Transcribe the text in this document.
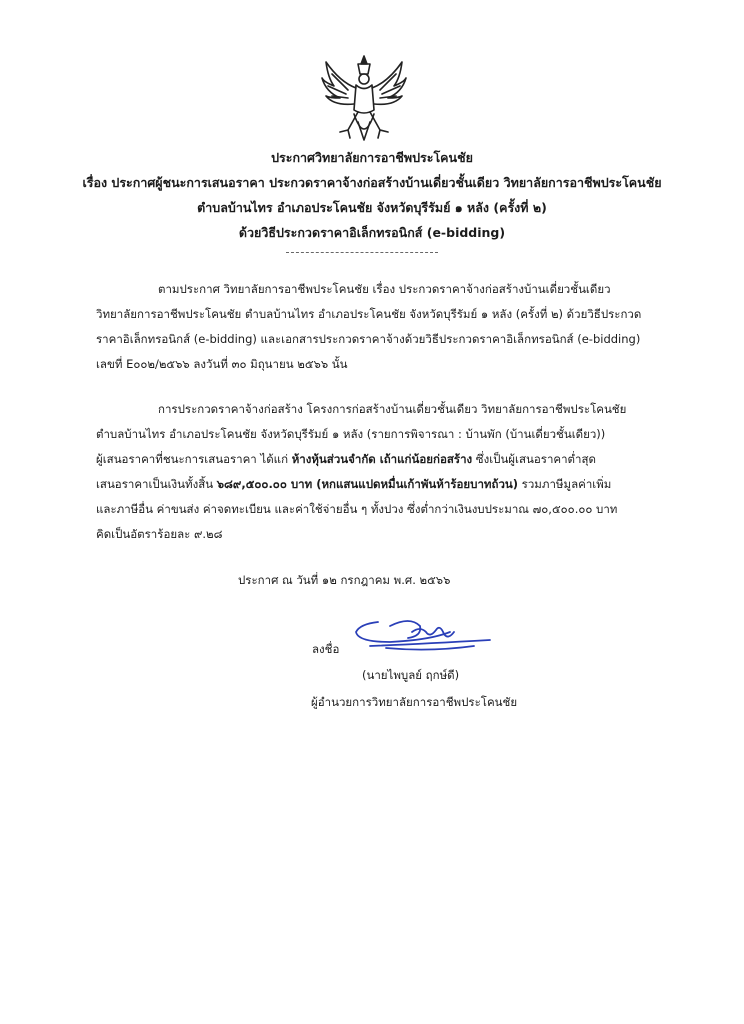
ประกาศวิทยาลัยการอาชีพประโคนชัย
เรื่อง ประกาศผู้ชนะการเสนอราคา ประกวดราคาจ้างก่อสร้างบ้านเดี่ยวชั้นเดียว วิทยาลัยการอาชีพประโคนชัย
ตำบลบ้านไทร อำเภอประโคนชัย จังหวัดบุรีรัมย์ ๑ หลัง (ครั้งที่ ๒)
ด้วยวิธีประกวดราคาอิเล็กทรอนิกส์ (e-bidding)
ตามประกาศ วิทยาลัยการอาชีพประโคนชัย เรื่อง ประกวดราคาจ้างก่อสร้างบ้านเดี่ยวชั้นเดียว
วิทยาลัยการอาชีพประโคนชัย ตำบลบ้านไทร อำเภอประโคนชัย จังหวัดบุรีรัมย์ ๑ หลัง (ครั้งที่ ๒) ด้วยวิธีประกวด
ราคาอิเล็กทรอนิกส์ (e-bidding) และเอกสารประกวดราคาจ้างด้วยวิธีประกวดราคาอิเล็กทรอนิกส์ (e-bidding)
เลขที่ E๐๐๒/๒๕๖๖ ลงวันที่ ๓๐ มิถุนายน ๒๕๖๖ นั้น
การประกวดราคาจ้างก่อสร้าง โครงการก่อสร้างบ้านเดี่ยวชั้นเดียว วิทยาลัยการอาชีพประโคนชัย
ตำบลบ้านไทร อำเภอประโคนชัย จังหวัดบุรีรัมย์ ๑ หลัง (รายการพิจารณา : บ้านพัก (บ้านเดี่ยวชั้นเดียว))
ผู้เสนอราคาที่ชนะการเสนอราคา ได้แก่ ห้างหุ้นส่วนจำกัด เถ้าแก่น้อยก่อสร้าง ซึ่งเป็นผู้เสนอราคาต่ำสุด
เสนอราคาเป็นเงินทั้งสิ้น ๖๘๙,๕๐๐.๐๐ บาท (หกแสนแปดหมื่นเก้าพันห้าร้อยบาทถ้วน) รวมภาษีมูลค่าเพิ่ม
และภาษีอื่น ค่าขนส่ง ค่าจดทะเบียน และค่าใช้จ่ายอื่น ๆ ทั้งปวง ซึ่งต่ำกว่าเงินงบประมาณ ๗๐,๕๐๐.๐๐ บาท
คิดเป็นอัตราร้อยละ ๙.๒๘
ประกาศ ณ วันที่ ๑๒ กรกฎาคม พ.ศ. ๒๕๖๖
ลงชื่อ
(นายไพบูลย์ ฤกษ์ดี)
ผู้อำนวยการวิทยาลัยการอาชีพประโคนชัย
